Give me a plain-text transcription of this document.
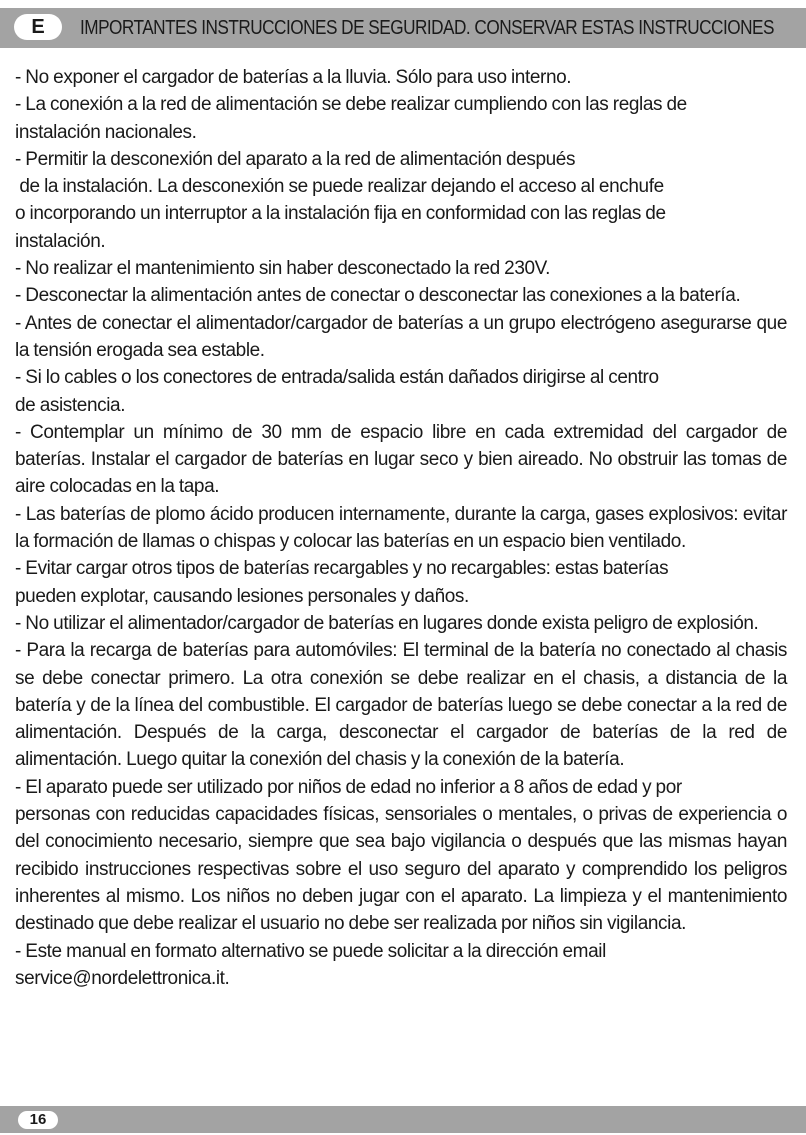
E	IMPORTANTES INSTRUCCIONES DE SEGURIDAD. CONSERVAR ESTAS INSTRUCCIONES

- No exponer el cargador de baterías a la lluvia. Sólo para uso interno.

- La conexión a la red de alimentación se debe realizar cumpliendo con las reglas de
instalación nacionales.

- Permitir la desconexión del aparato a la red de alimentación después
de la instalación. La desconexión se puede realizar dejando el acceso al enchufe
o incorporando un interruptor a la instalación fija en conformidad con las reglas de
instalación.

- No realizar el mantenimiento sin haber desconectado la red 230V.

- Desconectar la alimentación antes de conectar o desconectar las conexiones a la batería.

- Antes de conectar el alimentador/cargador de baterías a un grupo electrógeno asegurarse que la tensión erogada sea estable.

- Si lo cables o los conectores de entrada/salida están dañados dirigirse al centro
de asistencia.

- Contemplar un mínimo de 30 mm de espacio libre en cada extremidad del cargador de baterías. Instalar el cargador de baterías en lugar seco y bien aireado. No obstruir las tomas de aire colocadas en la tapa.

- Las baterías de plomo ácido producen internamente, durante la carga, gases explosivos: evitar la formación de llamas o chispas y colocar las baterías en un espacio bien ventilado.

- Evitar cargar otros tipos de baterías recargables y no recargables: estas baterías
pueden explotar, causando lesiones personales y daños.

- No utilizar el alimentador/cargador de baterías en lugares donde exista peligro de explosión.

- Para la recarga de baterías para automóviles: El terminal de la batería no conectado al chasis se debe conectar primero. La otra conexión se debe realizar en el chasis, a distancia de la batería y de la línea del combustible. El cargador de baterías luego se debe conectar a la red de alimentación. Después de la carga, desconectar el cargador de baterías de la red de alimentación. Luego quitar la conexión del chasis y la conexión de la batería.

- El aparato puede ser utilizado por niños de edad no inferior a 8 años de edad y por

personas con reducidas capacidades físicas, sensoriales o mentales, o privas de experiencia o del conocimiento necesario, siempre que sea bajo vigilancia o después que las mismas hayan recibido instrucciones respectivas sobre el uso seguro del aparato y comprendido los peligros inherentes al mismo. Los niños no deben jugar con el aparato. La limpieza y el mantenimiento destinado que debe realizar el usuario no debe ser realizada por niños sin vigilancia.

- Este manual en formato alternativo se puede solicitar a la dirección email
service@nordelettronica.it.

16
